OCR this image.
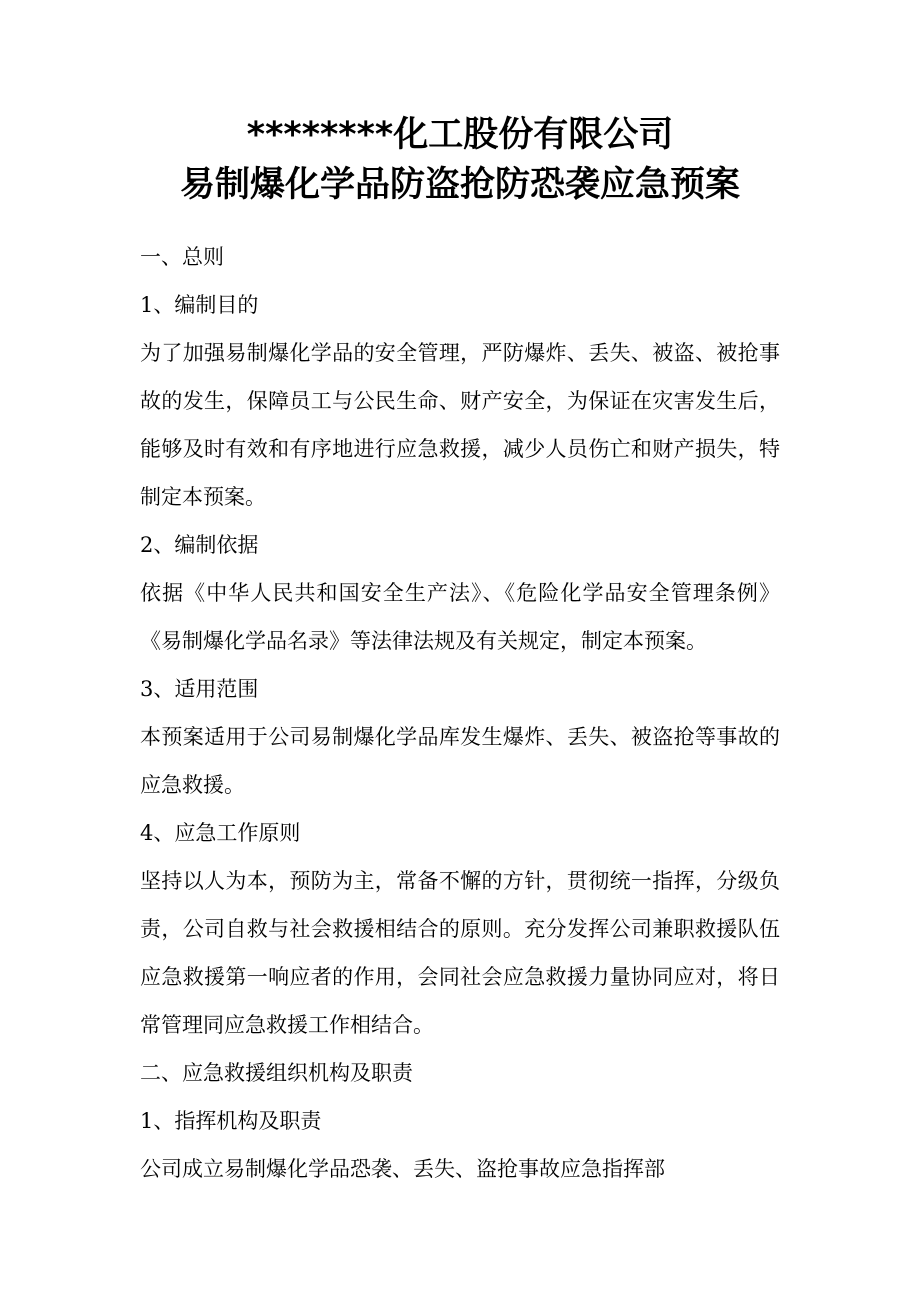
********化工股份有限公司
易制爆化学品防盗抢防恐袭应急预案
一、总则
1、编制目的
为了加强易制爆化学品的安全管理，严防爆炸、丢失、被盗、被抢事
故的发生，保障员工与公民生命、财产安全，为保证在灾害发生后，
能够及时有效和有序地进行应急救援，减少人员伤亡和财产损失，特
制定本预案。
2、编制依据
依据《中华人民共和国安全生产法》、《危险化学品安全管理条例》
《易制爆化学品名录》等法律法规及有关规定，制定本预案。
3、适用范围
本预案适用于公司易制爆化学品库发生爆炸、丢失、被盗抢等事故的
应急救援。
4、应急工作原则
坚持以人为本，预防为主，常备不懈的方针，贯彻统一指挥，分级负
责，公司自救与社会救援相结合的原则。充分发挥公司兼职救援队伍
应急救援第一响应者的作用，会同社会应急救援力量协同应对，将日
常管理同应急救援工作相结合。
二、应急救援组织机构及职责
1、指挥机构及职责
公司成立易制爆化学品恐袭、丢失、盗抢事故应急指挥部
